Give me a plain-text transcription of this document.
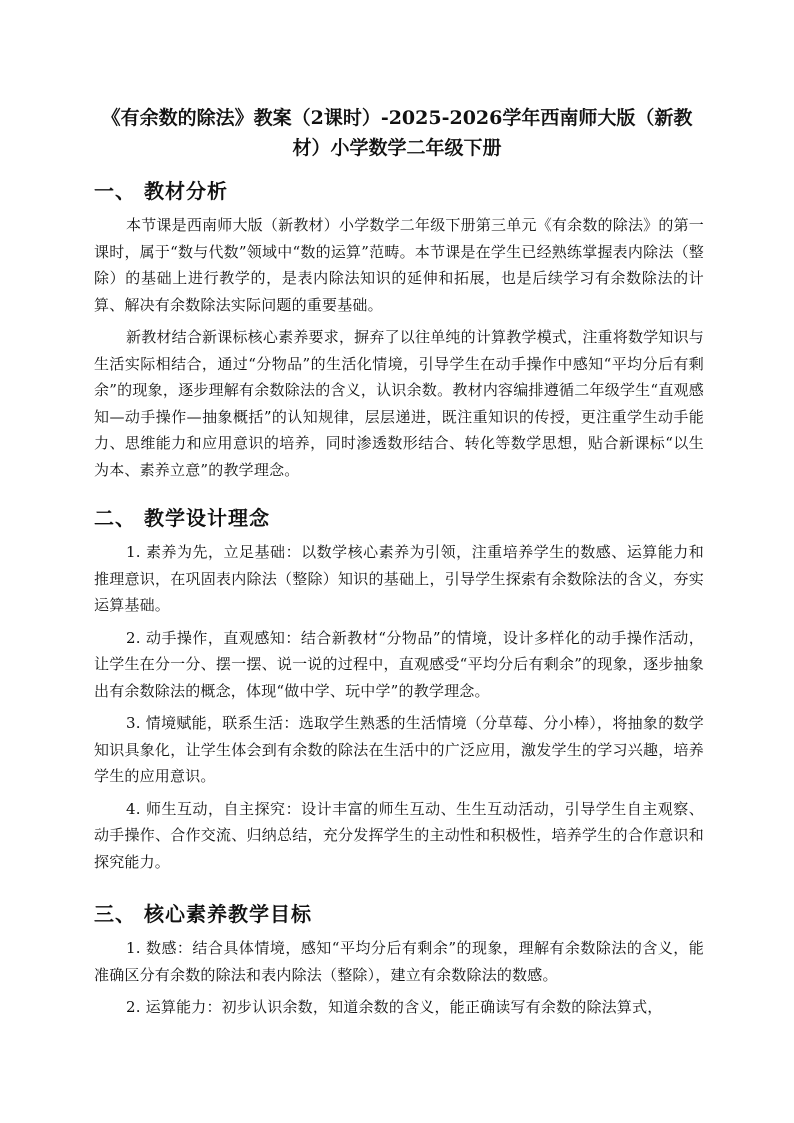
《有余数的除法》教案（2课时）-2025-2026学年西南师大版（新教材）小学数学二年级下册
一、 教材分析

本节课是西南师大版（新教材）小学数学二年级下册第三单元《有余数的除法》的第一课时，属于“数与代数”领域中“数的运算”范畴。本节课是在学生已经熟练掌握表内除法（整除）的基础上进行教学的，是表内除法知识的延伸和拓展，也是后续学习有余数除法的计算、解决有余数除法实际问题的重要基础。

新教材结合新课标核心素养要求，摒弃了以往单纯的计算教学模式，注重将数学知识与生活实际相结合，通过“分物品”的生活化情境，引导学生在动手操作中感知“平均分后有剩余”的现象，逐步理解有余数除法的含义，认识余数。教材内容编排遵循二年级学生“直观感知—动手操作—抽象概括”的认知规律，层层递进，既注重知识的传授，更注重学生动手能力、思维能力和应用意识的培养，同时渗透数形结合、转化等数学思想，贴合新课标“以生为本、素养立意”的教学理念。

二、 教学设计理念

1. 素养为先，立足基础：以数学核心素养为引领，注重培养学生的数感、运算能力和推理意识，在巩固表内除法（整除）知识的基础上，引导学生探索有余数除法的含义，夯实运算基础。

2. 动手操作，直观感知：结合新教材“分物品”的情境，设计多样化的动手操作活动，让学生在分一分、摆一摆、说一说的过程中，直观感受“平均分后有剩余”的现象，逐步抽象出有余数除法的概念，体现“做中学、玩中学”的教学理念。

3. 情境赋能，联系生活：选取学生熟悉的生活情境（分草莓、分小棒），将抽象的数学知识具象化，让学生体会到有余数的除法在生活中的广泛应用，激发学生的学习兴趣，培养学生的应用意识。

4. 师生互动，自主探究：设计丰富的师生互动、生生互动活动，引导学生自主观察、动手操作、合作交流、归纳总结，充分发挥学生的主动性和积极性，培养学生的合作意识和探究能力。

三、 核心素养教学目标

1. 数感：结合具体情境，感知“平均分后有剩余”的现象，理解有余数除法的含义，能准确区分有余数的除法和表内除法（整除），建立有余数除法的数感。

2. 运算能力：初步认识余数，知道余数的含义，能正确读写有余数的除法算式，
